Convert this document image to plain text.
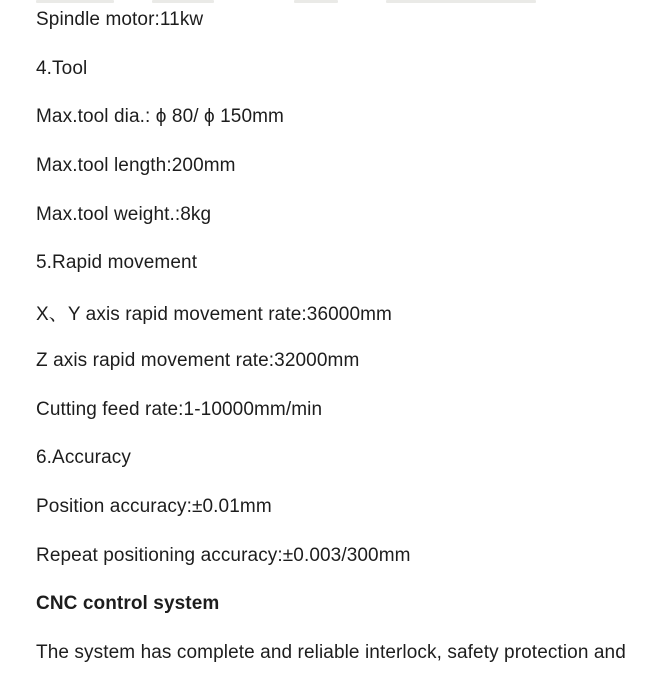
Spindle motor:11kw
4.Tool
Max.tool dia.: ϕ 80/ ϕ 150mm
Max.tool length:200mm
Max.tool weight.:8kg
5.Rapid movement
X、Y axis rapid movement rate:36000mm
Z axis rapid movement rate:32000mm
Cutting feed rate:1-10000mm/min
6.Accuracy
Position accuracy:±0.01mm
Repeat positioning accuracy:±0.003/300mm
CNC control system
The system has complete and reliable interlock, safety protection and
